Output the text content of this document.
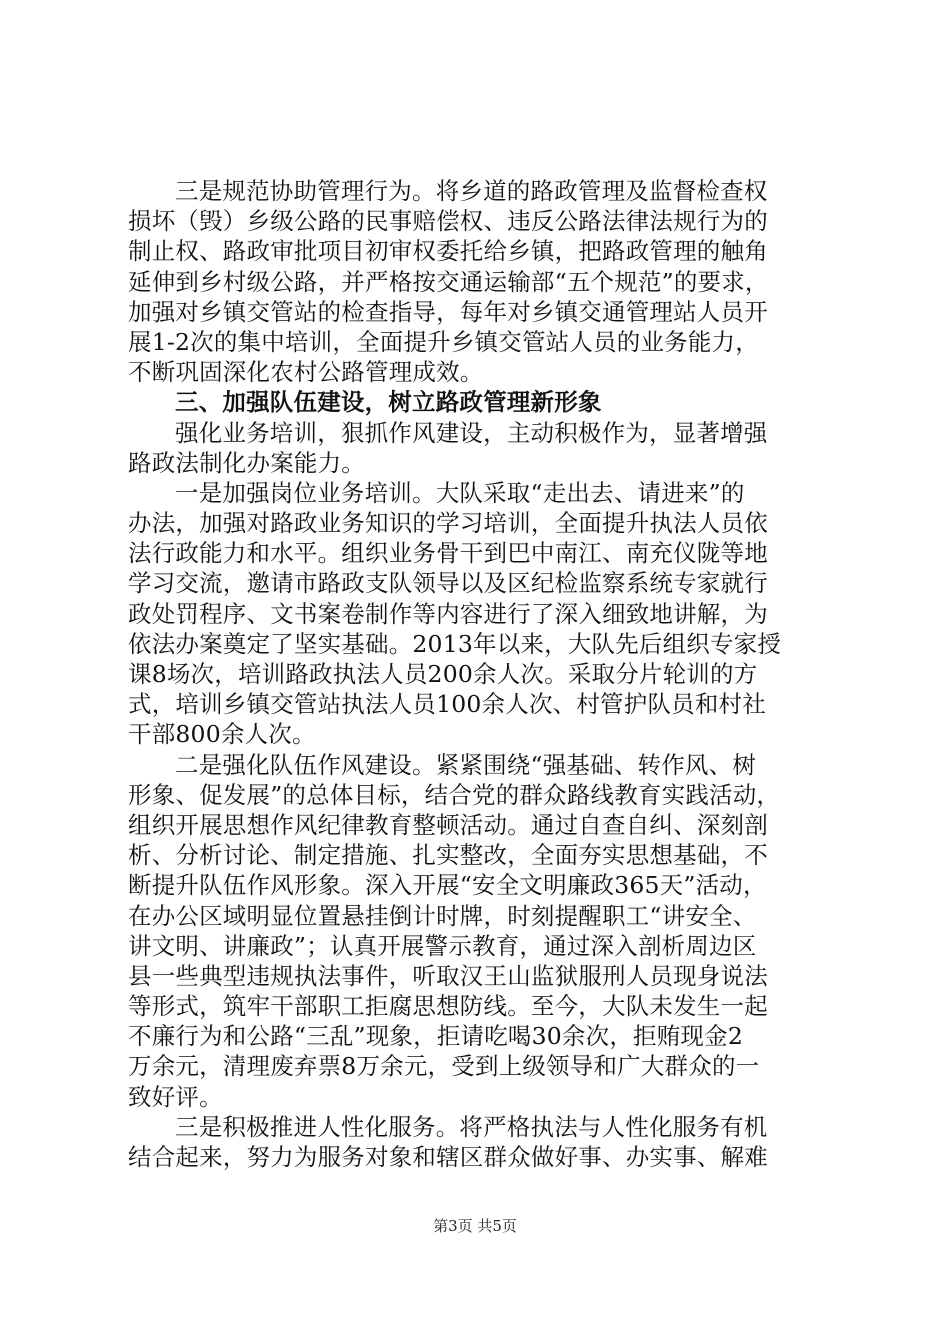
三是规范协助管理行为。将乡道的路政管理及监督检查权
损坏（毁）乡级公路的民事赔偿权、违反公路法律法规行为的
制止权、路政审批项目初审权委托给乡镇，把路政管理的触角
延伸到乡村级公路，并严格按交通运输部“五个规范”的要求，
加强对乡镇交管站的检查指导，每年对乡镇交通管理站人员开
展1-2次的集中培训，全面提升乡镇交管站人员的业务能力，
不断巩固深化农村公路管理成效。
三、加强队伍建设，树立路政管理新形象
强化业务培训，狠抓作风建设，主动积极作为，显著增强
路政法制化办案能力。
一是加强岗位业务培训。大队采取“走出去、请进来”的
办法，加强对路政业务知识的学习培训，全面提升执法人员依
法行政能力和水平。组织业务骨干到巴中南江、南充仪陇等地
学习交流，邀请市路政支队领导以及区纪检监察系统专家就行
政处罚程序、文书案卷制作等内容进行了深入细致地讲解，为
依法办案奠定了坚实基础。2013年以来，大队先后组织专家授
课8场次，培训路政执法人员200余人次。采取分片轮训的方
式，培训乡镇交管站执法人员100余人次、村管护队员和村社
干部800余人次。
二是强化队伍作风建设。紧紧围绕“强基础、转作风、树
形象、促发展”的总体目标，结合党的群众路线教育实践活动，
组织开展思想作风纪律教育整顿活动。通过自查自纠、深刻剖
析、分析讨论、制定措施、扎实整改，全面夯实思想基础，不
断提升队伍作风形象。深入开展“安全文明廉政365天”活动，
在办公区域明显位置悬挂倒计时牌，时刻提醒职工“讲安全、
讲文明、讲廉政”；认真开展警示教育，通过深入剖析周边区
县一些典型违规执法事件，听取汉王山监狱服刑人员现身说法
等形式，筑牢干部职工拒腐思想防线。至今，大队未发生一起
不廉行为和公路“三乱”现象，拒请吃喝30余次，拒贿现金2
万余元，清理废弃票8万余元，受到上级领导和广大群众的一
致好评。
三是积极推进人性化服务。将严格执法与人性化服务有机
结合起来，努力为服务对象和辖区群众做好事、办实事、解难
第3页 共5页
